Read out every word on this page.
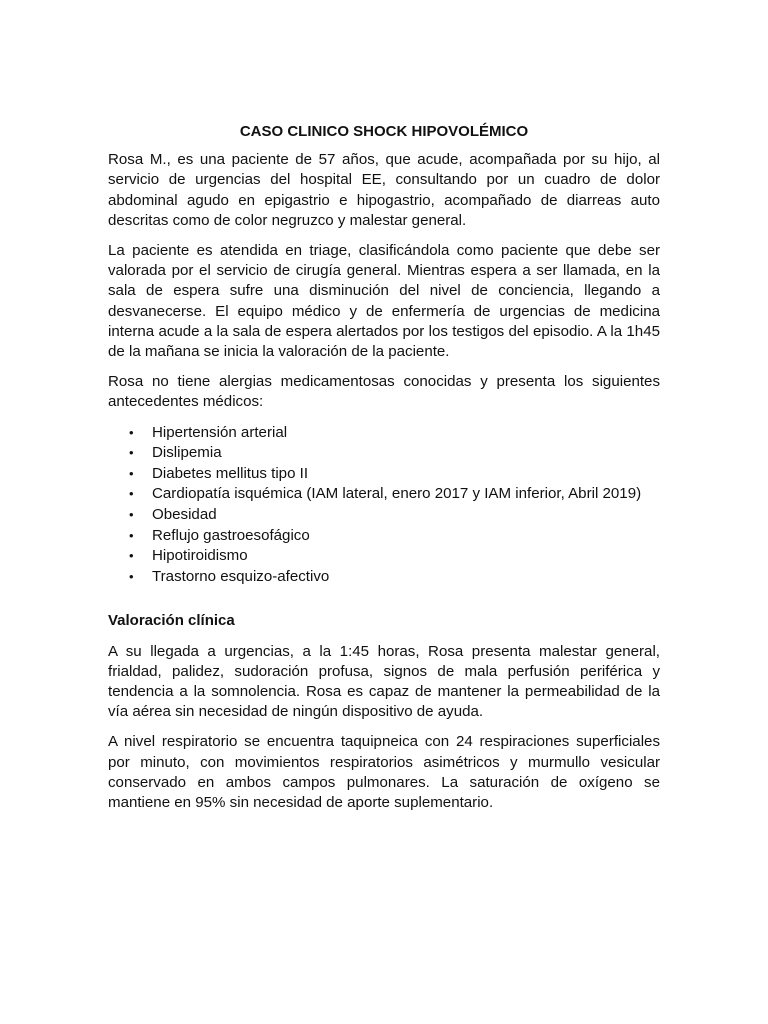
CASO CLINICO SHOCK HIPOVOLÉMICO

Rosa M., es una paciente de 57 años, que acude, acompañada por su hijo, al servicio de urgencias del hospital EE, consultando por un cuadro de dolor abdominal agudo en epigastrio e hipogastrio, acompañado de diarreas auto descritas como de color negruzco y malestar general.

La paciente es atendida en triage, clasificándola como paciente que debe ser valorada por el servicio de cirugía general. Mientras espera a ser llamada, en la sala de espera sufre una disminución del nivel de conciencia, llegando a desvanecerse. El equipo médico y de enfermería de urgencias de medicina interna acude a la sala de espera alertados por los testigos del episodio. A la 1h45 de la mañana se inicia la valoración de la paciente.

Rosa no tiene alergias medicamentosas conocidas y presenta los siguientes antecedentes médicos:

• Hipertensión arterial
• Dislipemia
• Diabetes mellitus tipo II
• Cardiopatía isquémica (IAM lateral, enero 2017 y IAM inferior, Abril 2019)
• Obesidad
• Reflujo gastroesofágico
• Hipotiroidismo
• Trastorno esquizo-afectivo
Valoración clínica

A su llegada a urgencias, a la 1:45 horas, Rosa presenta malestar general, frialdad, palidez, sudoración profusa, signos de mala perfusión periférica y tendencia a la somnolencia. Rosa es capaz de mantener la permeabilidad de la vía aérea sin necesidad de ningún dispositivo de ayuda.

A nivel respiratorio se encuentra taquipneica con 24 respiraciones superficiales por minuto, con movimientos respiratorios asimétricos y murmullo vesicular conservado en ambos campos pulmonares. La saturación de oxígeno se mantiene en 95% sin necesidad de aporte suplementario.
